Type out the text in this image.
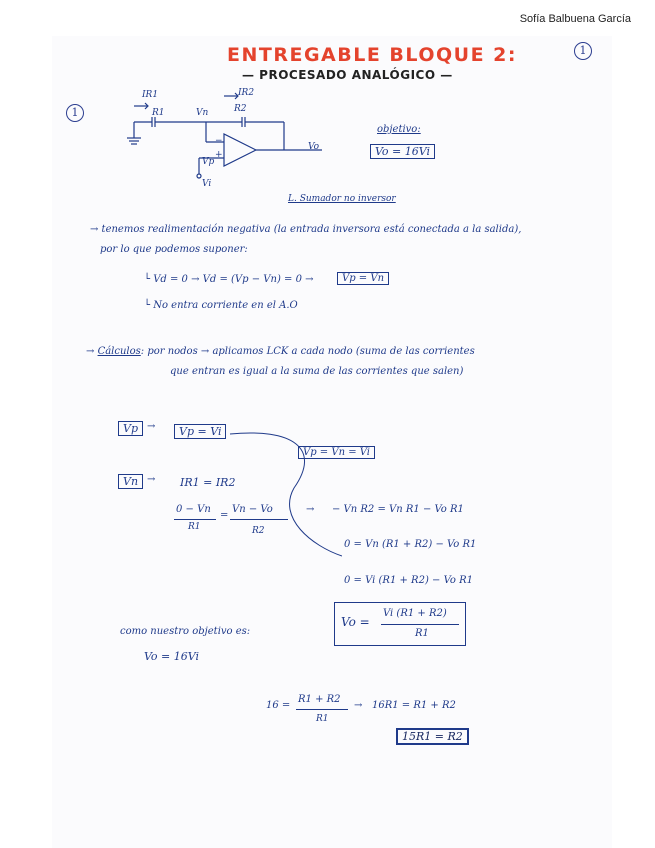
Sofía Balbuena García
ENTREGABLE BLOQUE 2:
— PROCESADO ANALÓGICO —
1
1
IR1
R1	Vn
IR2
R2
−
+
Vo
Vp
Vi
L. Sumador no inversor
objetivo:
Vo = 16Vi
→ tenemos realimentación negativa (la entrada inversora está conectada a la salida),
por lo que podemos suponer:
└ Vd = 0 → Vd = (Vp − Vn) = 0 →	Vp = Vn
└ No entra corriente en el A.O
→ Cálculos: por nodos → aplicamos LCK a cada nodo (suma de las corrientes
que entran es igual a la suma de las corrientes que salen)
Vp →	Vp = Vi
Vp = Vn = Vi
Vn → IR1 = IR2
0 − Vn
R1
=
Vn − Vo
R2
→ − Vn R2 = Vn R1 − Vo R1
0 = Vn (R1 + R2) − Vo R1
0 = Vi (R1 + R2) − Vo R1
Vo =
Vi (R1 + R2)
R1
como nuestro objetivo es:
Vo = 16Vi
16 =
R1 + R2
R1
→ 16R1 = R1 + R2
15R1 = R2
